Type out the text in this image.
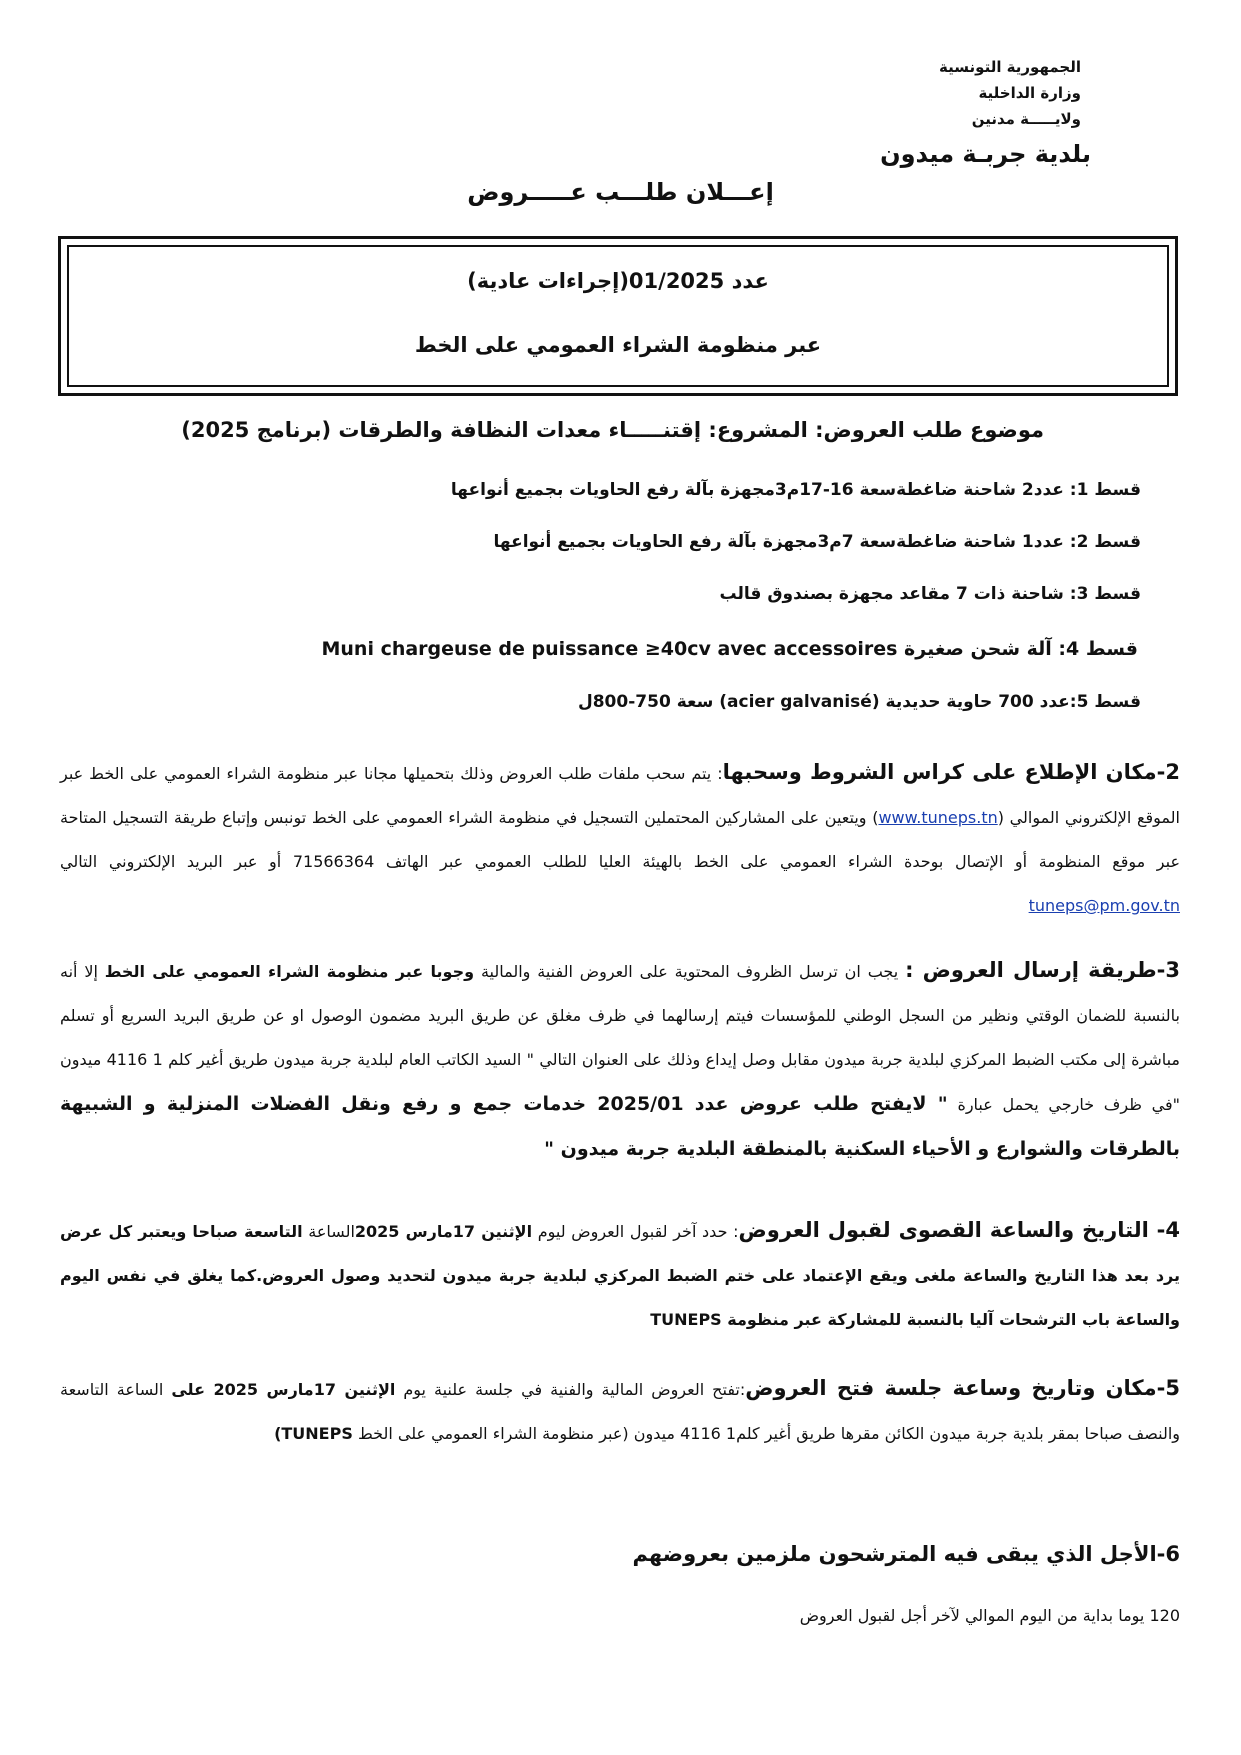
الجمهورية التونسية
وزارة الداخلية
ولايـــــة مدنين
بلدية جربـة ميدون
إعـــلان طلـــب عـــــروض
عدد 01/2025(إجراءات عادية)
عبر منظومة الشراء العمومي على الخط
موضوع طلب العروض: المشروع: إقتنـــــاء معدات النظافة والطرقات (برنامج 2025)
قسط 1: عدد2 شاحنة ضاغطةسعة 16-17م3مجهزة بآلة رفع الحاويات بجميع أنواعها
قسط 2: عدد1 شاحنة ضاغطةسعة 7م3مجهزة بآلة رفع الحاويات بجميع أنواعها
قسط 3: شاحنة ذات 7 مقاعد مجهزة بصندوق قالب
قسط 4: آلة شحن صغيرة Muni chargeuse de puissance ≥40cv avec accessoires
قسط 5:عدد 700 حاوية حديدية (acier galvanisé) سعة 750-800ل
2-مكان الإطلاع على كراس الشروط وسحبها: يتم سحب ملفات طلب العروض وذلك بتحميلها مجانا عبر منظومة الشراء العمومي على الخط عبر الموقع الإلكتروني الموالي (www.tuneps.tn) ويتعين على المشاركين المحتملين التسجيل في منظومة الشراء العمومي على الخط تونبس وإتباع طريقة التسجيل المتاحة عبر موقع المنظومة أو الإتصال بوحدة الشراء العمومي على الخط بالهيئة العليا للطلب العمومي عبر الهاتف 71566364 أو عبر البريد الإلكتروني التالي tuneps@pm.gov.tn
3-طريقة إرسال العروض : يجب ان ترسل الظروف المحتوية على العروض الفنية والمالية وجوبا عبر منظومة الشراء العمومي على الخط إلا أنه بالنسبة للضمان الوقتي ونظير من السجل الوطني للمؤسسات فيتم إرسالهما في ظرف مغلق عن طريق البريد مضمون الوصول او عن طريق البريد السريع أو تسلم مباشرة إلى مكتب الضبط المركزي لبلدية جربة ميدون مقابل وصل إيداع وذلك على العنوان التالي " السيد الكاتب العام لبلدية جربة ميدون طريق أغير كلم 1 4116 ميدون "في ظرف خارجي يحمل عبارة " لايفتح طلب عروض عدد 2025/01 خدمات جمع و رفع ونقل الفضلات المنزلية و الشبيهة بالطرقات والشوارع و الأحياء السكنية بالمنطقة البلدية جربة ميدون "
4- التاريخ والساعة القصوى لقبول العروض: حدد آخر لقبول العروض ليوم الإثنين 17مارس 2025الساعة التاسعة صباحا ويعتبر كل عرض يرد بعد هذا التاريخ والساعة ملغى ويقع الإعتماد على ختم الضبط المركزي لبلدية جربة ميدون لتحديد وصول العروض.كما يغلق في نفس اليوم والساعة باب الترشحات آليا بالنسبة للمشاركة عبر منظومة TUNEPS
5-مكان وتاريخ وساعة جلسة فتح العروض:تفتح العروض المالية والفنية في جلسة علنية يوم الإثنين 17مارس 2025 على الساعة التاسعة والنصف صباحا بمقر بلدية جربة ميدون الكائن مقرها طريق أغير كلم1 4116 ميدون (عبر منظومة الشراء العمومي على الخط TUNEPS)
6-الأجل الذي يبقى فيه المترشحون ملزمين بعروضهم
120 يوما بداية من اليوم الموالي لآخر أجل لقبول العروض
